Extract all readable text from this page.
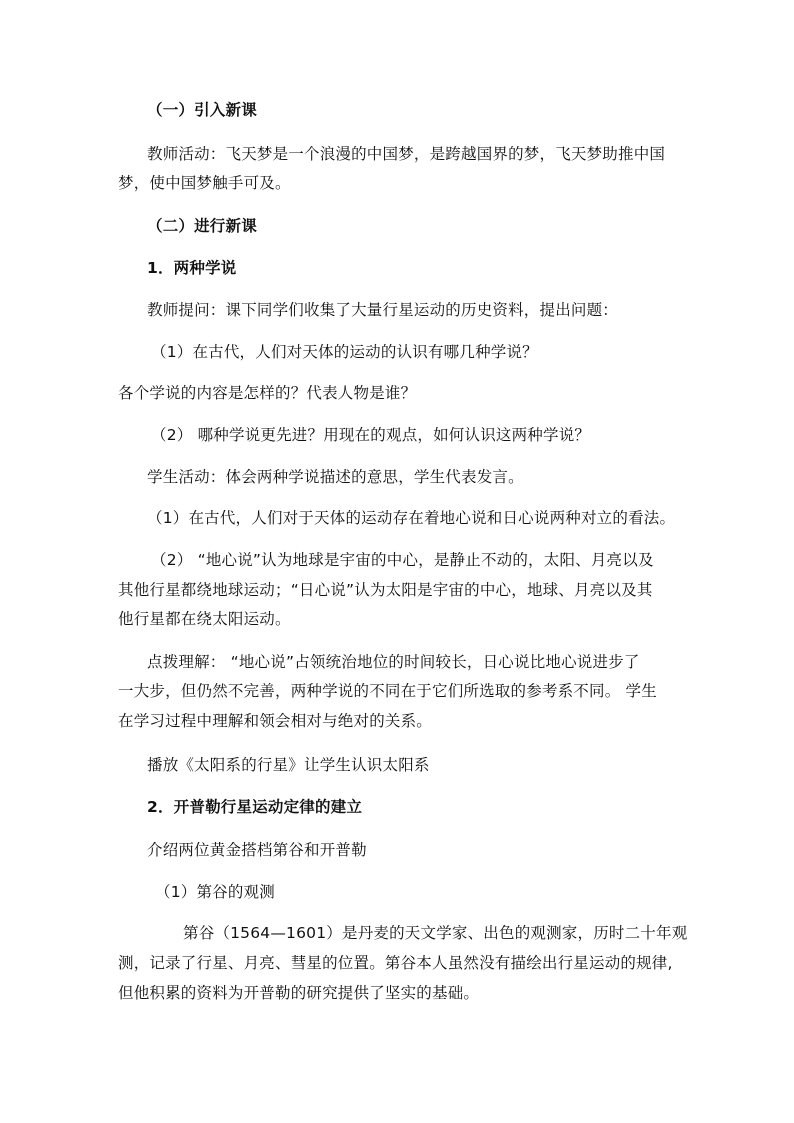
（一）引入新课
教师活动：飞天梦是一个浪漫的中国梦，是跨越国界的梦，飞天梦助推中国
梦，使中国梦触手可及。
（二）进行新课
1．两种学说
教师提问：课下同学们收集了大量行星运动的历史资料，提出问题：
（1）在古代，人们对天体的运动的认识有哪几种学说？
各个学说的内容是怎样的？代表人物是谁？
（2） 哪种学说更先进？用现在的观点，如何认识这两种学说？
学生活动：体会两种学说描述的意思，学生代表发言。
（1）在古代，人们对于天体的运动存在着地心说和日心说两种对立的看法。
（2） “地心说”认为地球是宇宙的中心，是静止不动的，太阳、月亮以及
其他行星都绕地球运动；“日心说”认为太阳是宇宙的中心，地球、月亮以及其
他行星都在绕太阳运动。
点拨理解： “地心说”占领统治地位的时间较长，日心说比地心说进步了
一大步，但仍然不完善，两种学说的不同在于它们所选取的参考系不同。 学生
在学习过程中理解和领会相对与绝对的关系。
播放《太阳系的行星》让学生认识太阳系
2．开普勒行星运动定律的建立
介绍两位黄金搭档第谷和开普勒
（1）第谷的观测
第谷（1564—1601）是丹麦的天文学家、出色的观测家，历时二十年观
测，记录了行星、月亮、彗星的位置。第谷本人虽然没有描绘出行星运动的规律,
但他积累的资料为开普勒的研究提供了坚实的基础。
